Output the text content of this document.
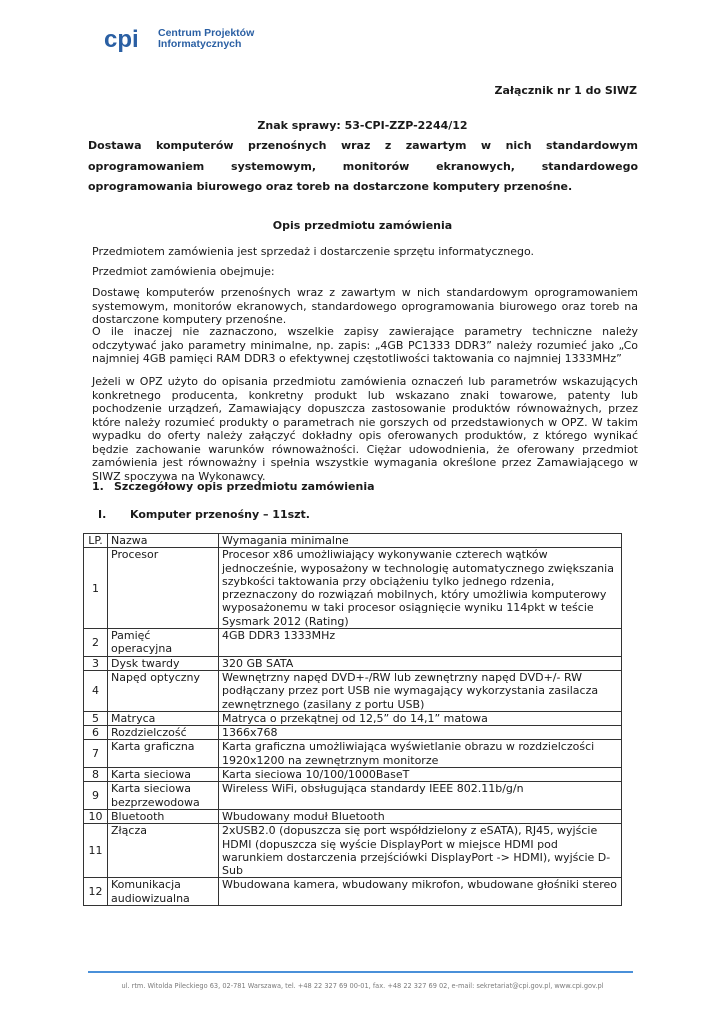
cpi Centrum Projektów
Informatycznych
Załącznik nr 1 do SIWZ
Znak sprawy: 53-CPI-ZZP-2244/12
Dostawa komputerów przenośnych wraz z zawartym w nich standardowym
oprogramowaniem systemowym, monitorów ekranowych, standardowego
oprogramowania biurowego oraz toreb na dostarczone komputery przenośne.
Opis przedmiotu zamówienia
Przedmiotem zamówienia jest sprzedaż i dostarczenie sprzętu informatycznego.
Przedmiot zamówienia obejmuje:
Dostawę komputerów przenośnych wraz z zawartym w nich standardowym oprogramowaniem systemowym, monitorów ekranowych, standardowego oprogramowania biurowego oraz toreb na dostarczone komputery przenośne.
O ile inaczej nie zaznaczono, wszelkie zapisy zawierające parametry techniczne należy odczytywać jako parametry minimalne, np. zapis: „4GB PC1333 DDR3” należy rozumieć jako „Co najmniej 4GB pamięci RAM DDR3 o efektywnej częstotliwości taktowania co najmniej 1333MHz”
Jeżeli w OPZ użyto do opisania przedmiotu zamówienia oznaczeń lub parametrów wskazujących konkretnego producenta, konkretny produkt lub wskazano znaki towarowe, patenty lub pochodzenie urządzeń, Zamawiający dopuszcza zastosowanie produktów równoważnych, przez które należy rozumieć produkty o parametrach nie gorszych od przedstawionych w OPZ. W takim wypadku do oferty należy załączyć dokładny opis oferowanych produktów, z którego wynikać będzie zachowanie warunków równoważności. Ciężar udowodnienia, że oferowany przedmiot zamówienia jest równoważny i spełnia wszystkie wymagania określone przez Zamawiającego w SIWZ spoczywa na Wykonawcy.
1. Szczegółowy opis przedmiotu zamówienia
I. Komputer przenośny – 11szt.
LP.	Nazwa	Wymagania minimalne
1	Procesor	Procesor x86 umożliwiający wykonywanie czterech wątków jednocześnie, wyposażony w technologię automatycznego zwiększania szybkości taktowania przy obciążeniu tylko jednego rdzenia, przeznaczony do rozwiązań mobilnych, który umożliwia komputerowy wyposażonemu w taki procesor osiągnięcie wyniku 114pkt w teście Sysmark 2012 (Rating)
2	Pamięć operacyjna	4GB DDR3 1333MHz
3	Dysk twardy	320 GB SATA
4	Napęd optyczny	Wewnętrzny napęd DVD+-/RW lub zewnętrzny napęd DVD+/- RW podłączany przez port USB nie wymagający wykorzystania zasilacza zewnętrznego (zasilany z portu USB)
5	Matryca	Matryca o przekątnej od 12,5” do 14,1” matowa
6	Rozdzielczość	1366x768
7	Karta graficzna	Karta graficzna umożliwiająca wyświetlanie obrazu w rozdzielczości 1920x1200 na zewnętrznym monitorze
8	Karta sieciowa	Karta sieciowa 10/100/1000BaseT
9	Karta sieciowa bezprzewodowa	Wireless WiFi, obsługująca standardy IEEE 802.11b/g/n
10	Bluetooth	Wbudowany moduł Bluetooth
11	Złącza	2xUSB2.0 (dopuszcza się port współdzielony z eSATA), RJ45, wyjście HDMI (dopuszcza się wyście DisplayPort w miejsce HDMI pod warunkiem dostarczenia przejściówki DisplayPort -> HDMI), wyjście D-Sub
12	Komunikacja audiowizualna	Wbudowana kamera, wbudowany mikrofon, wbudowane głośniki stereo

ul. rtm. Witolda Pileckiego 63, 02-781 Warszawa, tel. +48 22 327 69 00-01, fax. +48 22 327 69 02, e-mail: sekretariat@cpi.gov.pl, www.cpi.gov.pl
